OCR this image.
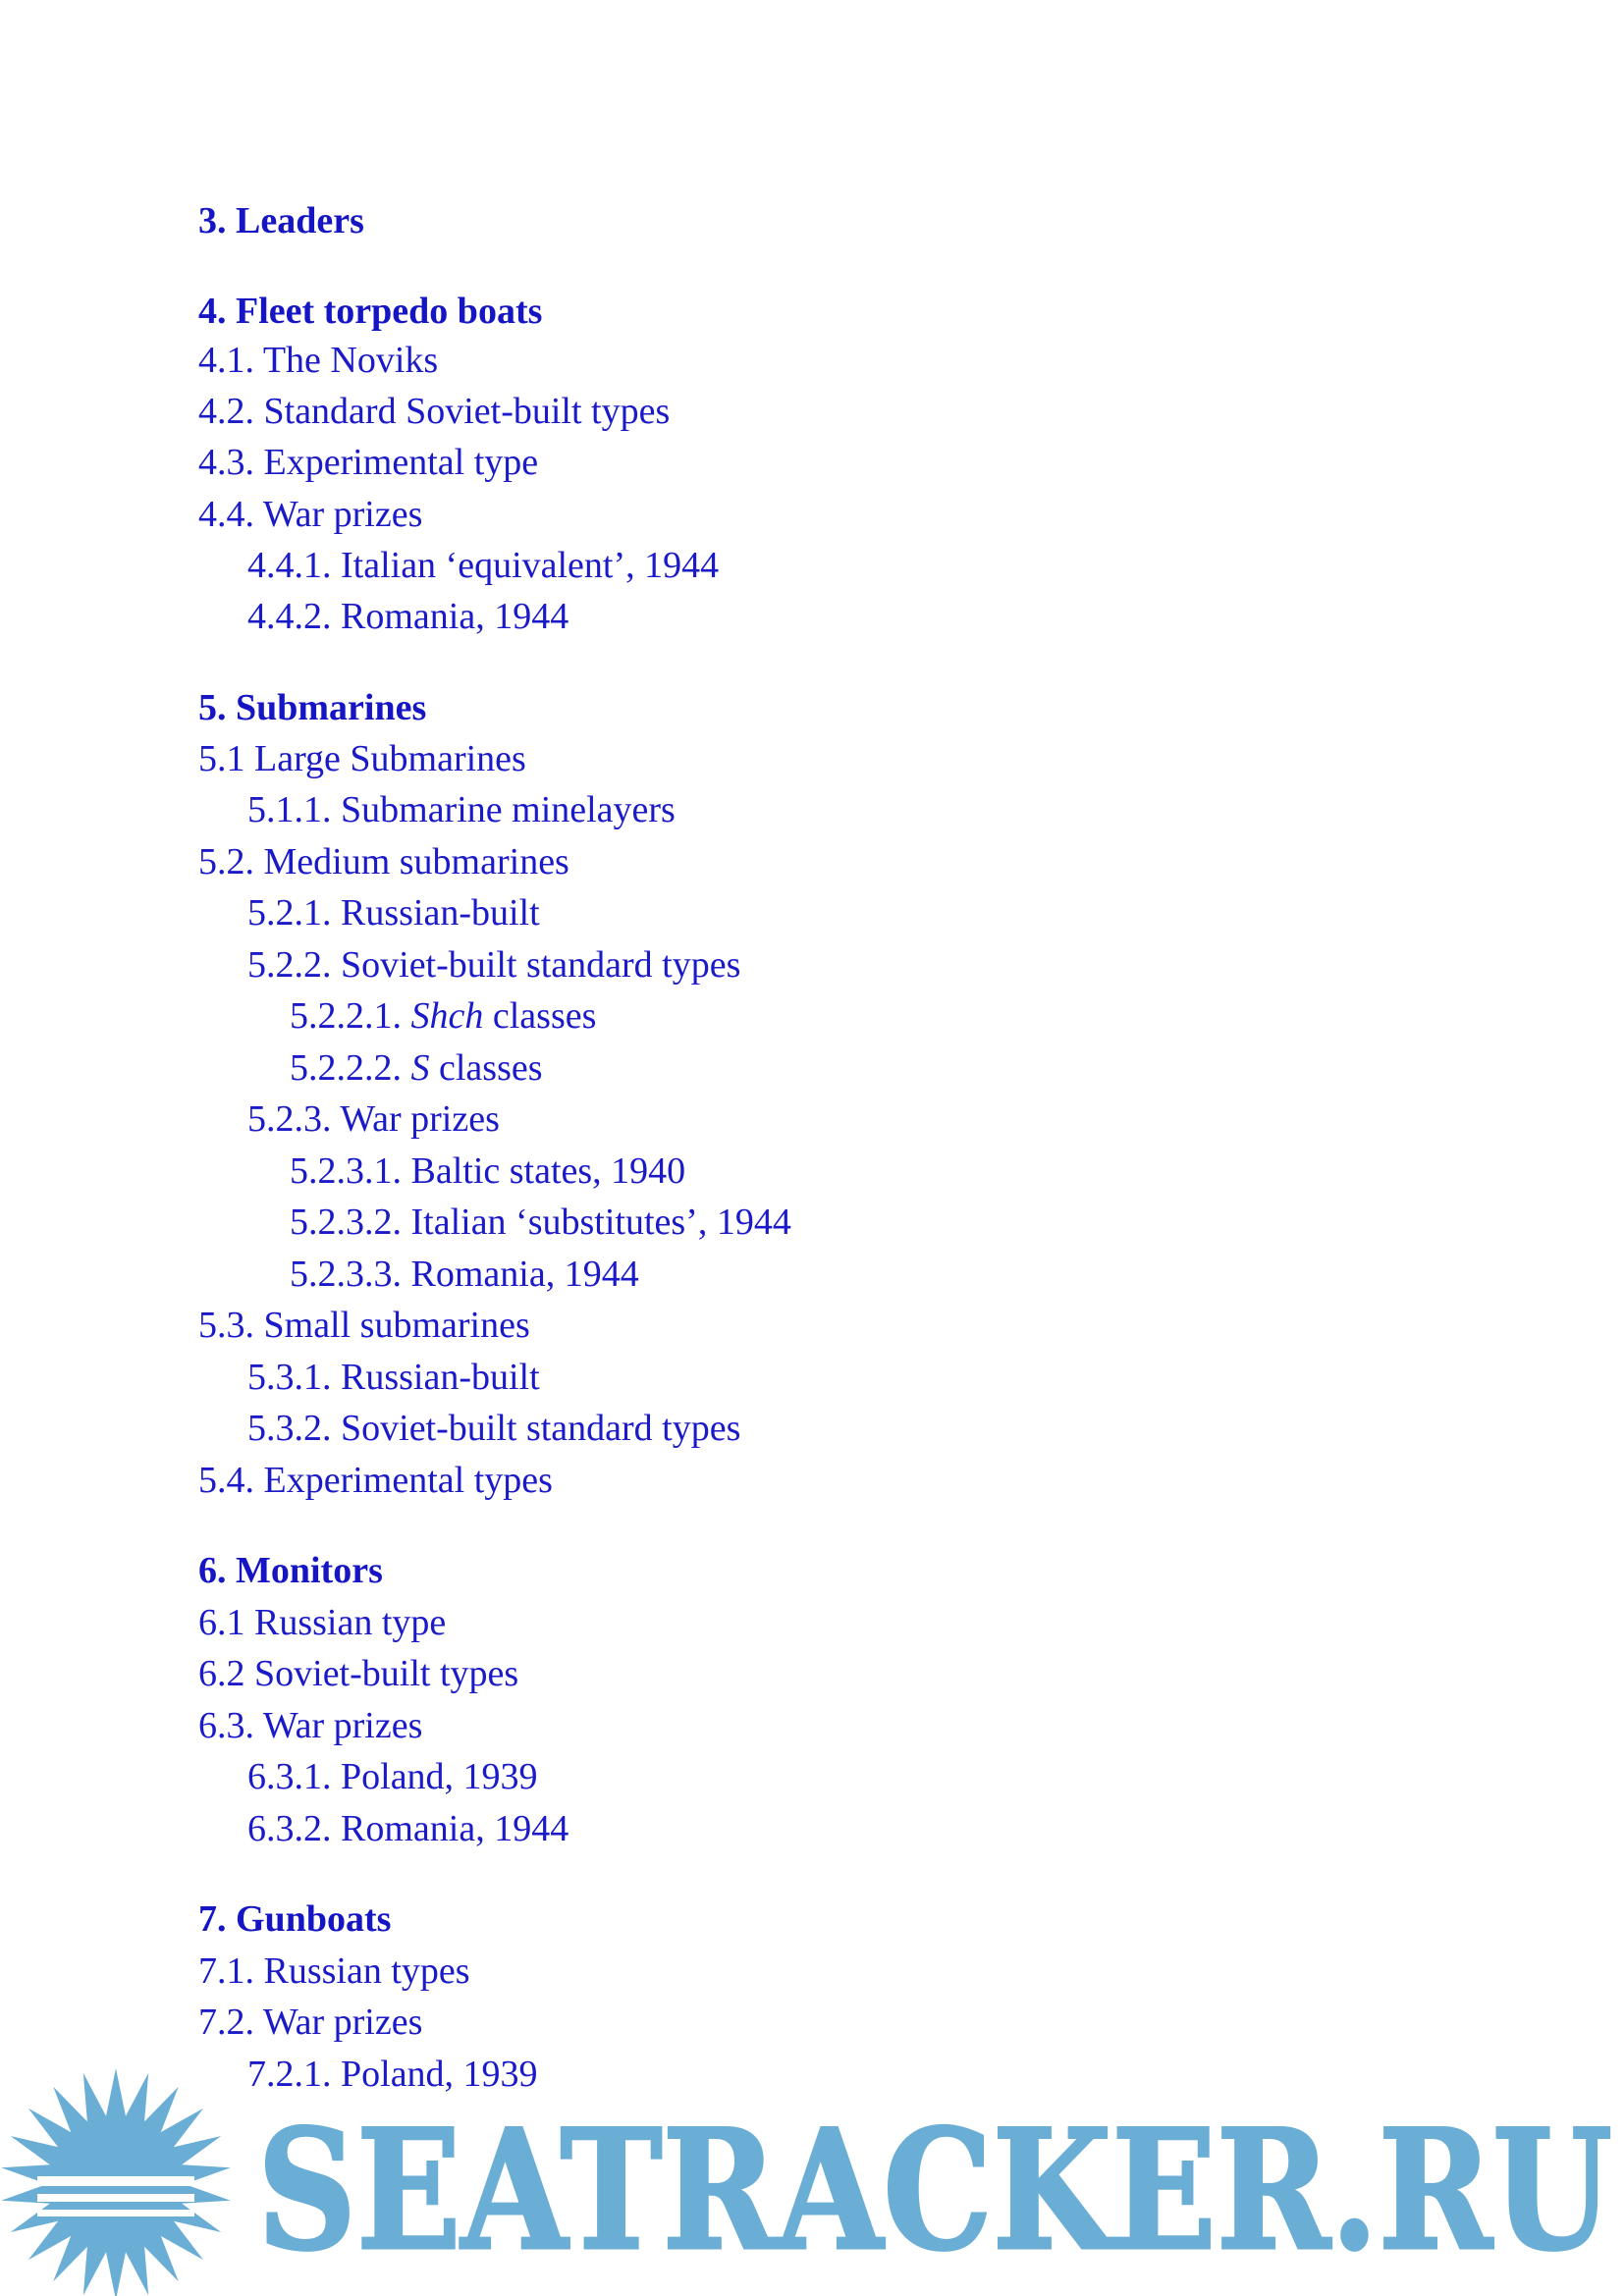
3. Leaders
4. Fleet torpedo boats
4.1. The Noviks
4.2. Standard Soviet-built types
4.3. Experimental type
4.4. War prizes
4.4.1. Italian ‘equivalent’, 1944
4.4.2. Romania, 1944
5. Submarines
5.1 Large Submarines
5.1.1. Submarine minelayers
5.2. Medium submarines
5.2.1. Russian-built
5.2.2. Soviet-built standard types
5.2.2.1. Shch classes
5.2.2.2. S classes
5.2.3. War prizes
5.2.3.1. Baltic states, 1940
5.2.3.2. Italian ‘substitutes’, 1944
5.2.3.3. Romania, 1944
5.3. Small submarines
5.3.1. Russian-built
5.3.2. Soviet-built standard types
5.4. Experimental types
6. Monitors
6.1 Russian type
6.2 Soviet-built types
6.3. War prizes
6.3.1. Poland, 1939
6.3.2. Romania, 1944
7. Gunboats
7.1. Russian types
7.2. War prizes
7.2.1. Poland, 1939
SEATRACKER.RU
